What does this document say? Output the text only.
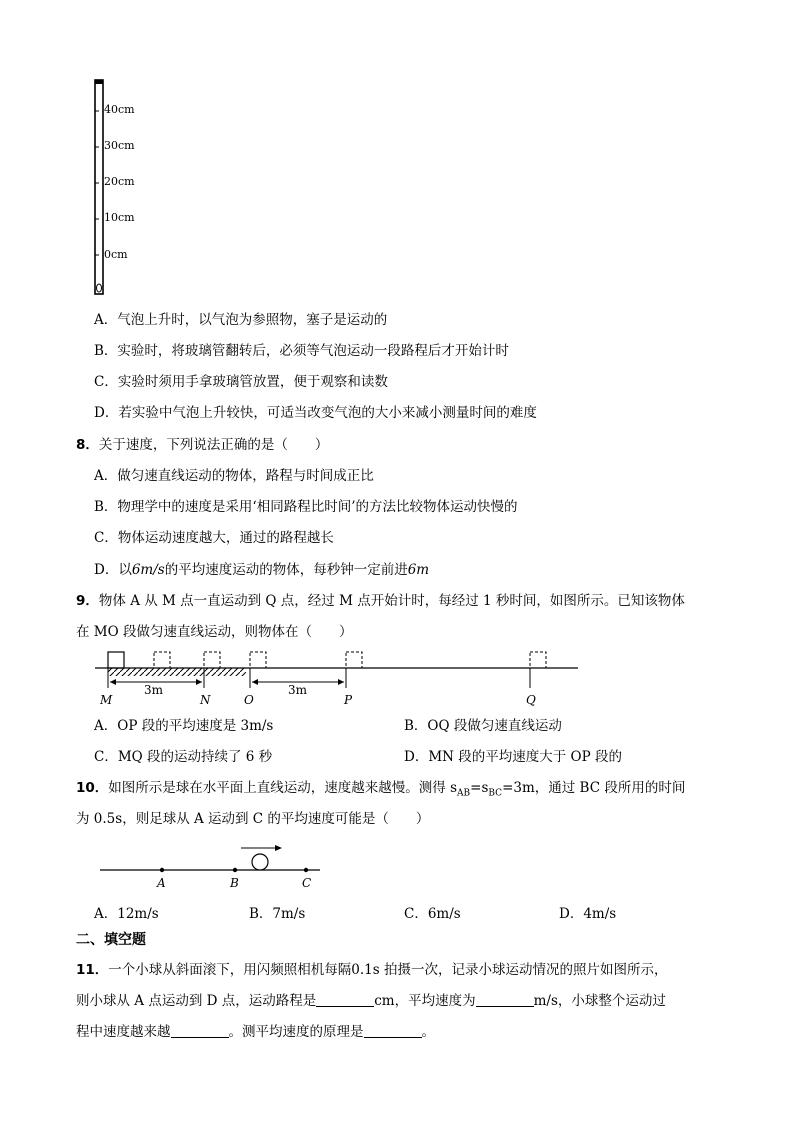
40cm
30cm
20cm
10cm
0cm
A．气泡上升时，以气泡为参照物，塞子是运动的
B．实验时，将玻璃管翻转后，必须等气泡运动一段路程后才开始计时
C．实验时须用手拿玻璃管放置，便于观察和读数
D．若实验中气泡上升较快，可适当改变气泡的大小来减小测量时间的难度
8．关于速度，下列说法正确的是（　　）
A．做匀速直线运动的物体，路程与时间成正比
B．物理学中的速度是采用‘相同路程比时间’的方法比较物体运动快慢的
C．物体运动速度越大，通过的路程越长
D．以6m/s的平均速度运动的物体，每秒钟一定前进6m
9．物体 A 从 M 点一直运动到 Q 点，经过 M 点开始计时，每经过 1 秒时间，如图所示。已知该物体
在 MO 段做匀速直线运动，则物体在（　　）
3m	3m
M	N	O	P	Q
A．OP 段的平均速度是 3m/s	B．OQ 段做匀速直线运动
C．MQ 段的运动持续了 6 秒	D．MN 段的平均速度大于 OP 段的
10．如图所示是球在水平面上直线运动，速度越来越慢。测得 $s_{AB}=s_{BC}=3m$，通过 BC 段所用的时间
为 0.5s，则足球从 A 运动到 C 的平均速度可能是（　　）
A	B	C
A．12m/s	B．7m/s	C．6m/s	D．4m/s
二、填空题
11．一个小球从斜面滚下，用闪频照相机每隔0.1s 拍摄一次，记录小球运动情况的照片如图所示，
则小球从 A 点运动到 D 点，运动路程是	cm，平均速度为	m/s，小球整个运动过
程中速度越来越	。测平均速度的原理是	。
